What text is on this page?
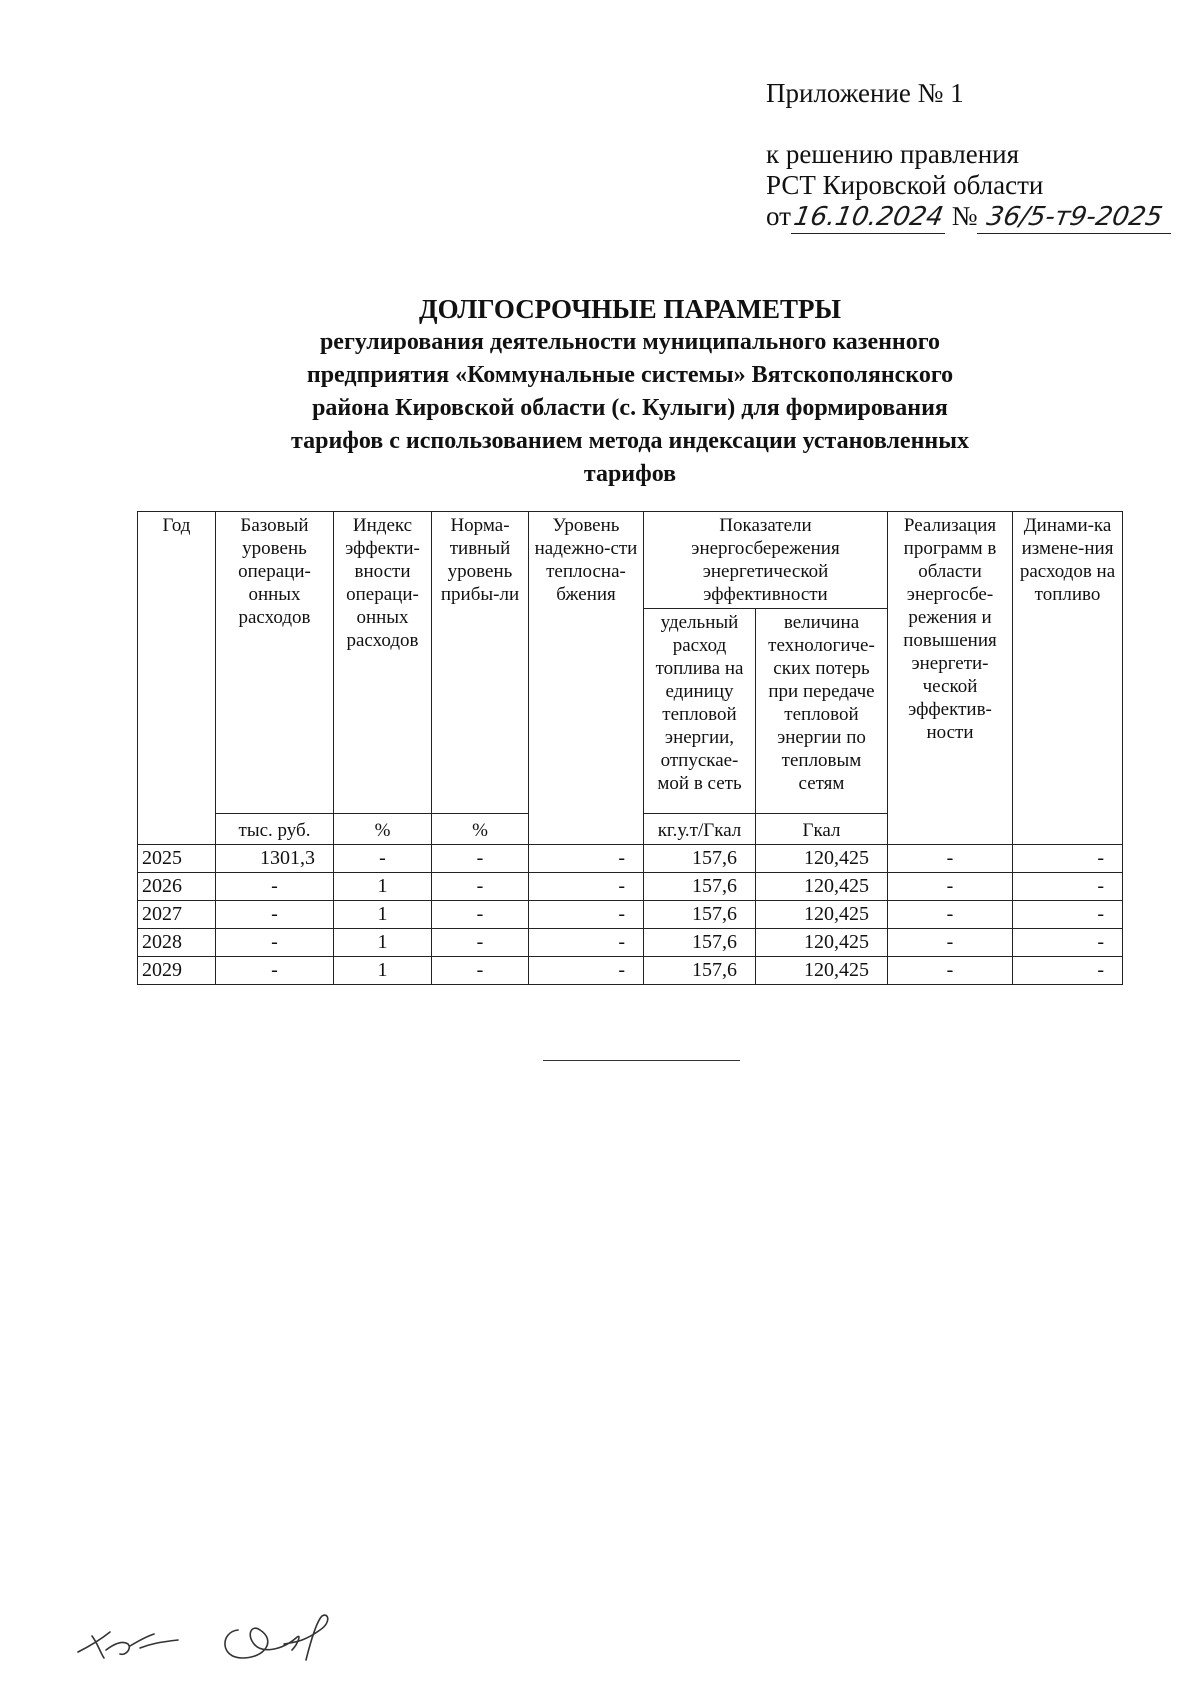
Приложение № 1
к решению правления
РСТ Кировской области
от16.10.2024 № 36/5-т9-2025
ДОЛГОСРОЧНЫЕ ПАРАМЕТРЫ
регулирования деятельности муниципального казенного
предприятия «Коммунальные системы» Вятскополянского
района Кировской области (с. Кулыги) для формирования
тарифов с использованием метода индексации установленных
тарифов
Год	Базовый уровень операци-онных расходов	Индекс эффекти-вности операци-онных расходов	Норма-тивный уровень прибы-ли	Уровень надежно-сти теплосна-бжения	Показатели энергосбережения энергетической эффективности		Реализация программ в области энергосбе-режения и повышения энергети-ческой эффектив-ности	Динами-ка измене-ния расходов на топливо
					удельный расход топлива на единицу тепловой энергии, отпускае-мой в сеть	величина технологиче-ских потерь при передаче тепловой энергии по тепловым сетям		
	тыс. руб.	%	%		кг.у.т/Гкал	Гкал		
2025	1301,3	-	-	-	157,6	120,425	-	-
2026	-	1	-	-	157,6	120,425	-	-
2027	-	1	-	-	157,6	120,425	-	-
2028	-	1	-	-	157,6	120,425	-	-
2029	-	1	-	-	157,6	120,425	-	-
